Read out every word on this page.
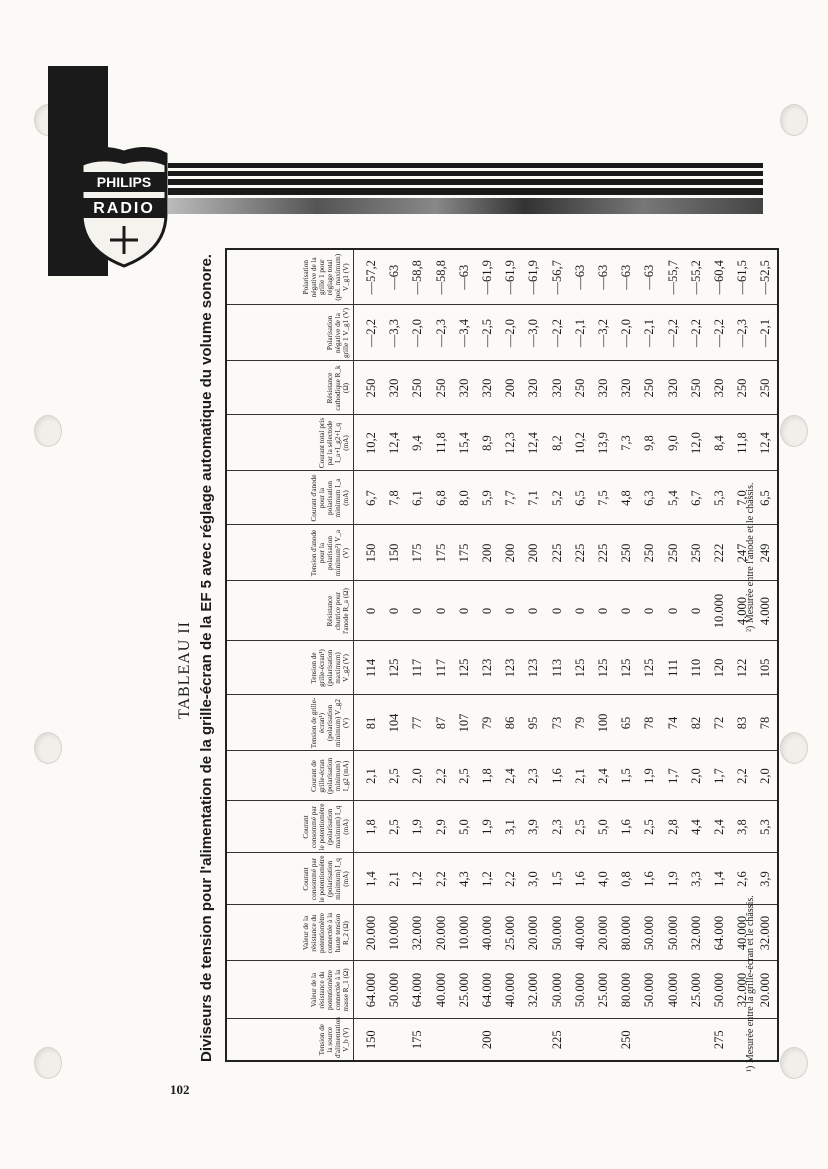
PHILIPS
RADIO
102
TABLEAU II Diviseurs de tension pour l'alimentation de la grille-écran de la EF 5 avec réglage automatique du volume sonore.	Tension de la source d'alimentation V_b (V)	Valeur de la résistance du potentiomètre connectée à la masse R_1 (Ω)	Valeur de la résistance du potentiomètre connectée à la haute tension R_2 (Ω)	Courant consommé par le potentiomètre (polarisation minimum) I_q (mA)	Courant consommé par le potentiomètre (polarisation maximum) I_q (mA)	Courant de grille-écran (polarisation minimum) I_g2 (mA)	Tension de grille-écran¹) (polarisation minimum) V_g2 (V)	Tension de grille-écran¹) (polarisation maximum) V_g2 (V)	Résistance chutrice pour l'anode R_a (Ω)	Tension d'anode pour la polarisation minimum²) V_a (V)	Courant d'anode pour la polarisation minimum I_a (mA)	Courant total pris par la sélectode I_a+I_g2+I_q (mA)	Résistance cathodique R_k (Ω)	Polarisation négative de la grille 1 V_g1 (V)	Polarisation négative de la grille 1 pour réglage total (pol. maximum) V_g1 (V)
150	64.000	20.000	1,4	1,8	2,1	81	114	0	150	6,7	10,2	250	—2,2	—57,2
	50.000	10.000	2,1	2,5	2,5	104	125	0	150	7,8	12,4	320	—3,3	—63
175	64.000	32.000	1,2	1,9	2,0	77	117	0	175	6,1	9,4	250	—2,0	—58,8
	40.000	20.000	2,2	2,9	2,2	87	117	0	175	6,8	11,8	250	—2,3	—58,8
	25.000	10.000	4,3	5,0	2,5	107	125	0	175	8,0	15,4	320	—3,4	—63
200	64.000	40.000	1,2	1,9	1,8	79	123	0	200	5,9	8,9	320	—2,5	—61,9
	40.000	25.000	2,2	3,1	2,4	86	123	0	200	7,7	12,3	200	—2,0	—61,9
	32.000	20.000	3,0	3,9	2,3	95	123	0	200	7,1	12,4	320	—3,0	—61,9
225	50.000	50.000	1,5	2,3	1,6	73	113	0	225	5,2	8,2	320	—2,2	—56,7
	50.000	40.000	1,6	2,5	2,1	79	125	0	225	6,5	10,2	250	—2,1	—63
	25.000	20.000	4,0	5,0	2,4	100	125	0	225	7,5	13,9	320	—3,2	—63
250	80.000	80.000	0,8	1,6	1,5	65	125	0	250	4,8	7,3	320	—2,0	—63
	50.000	50.000	1,6	2,5	1,9	78	125	0	250	6,3	9,8	250	—2,1	—63
	40.000	50.000	1,9	2,8	1,7	74	111	0	250	5,4	9,0	320	—2,2	—55,7
	25.000	32.000	3,3	4,4	2,0	82	110	0	250	6,7	12,0	250	—2,2	—55,2
275	50.000	64.000	1,4	2,4	1,7	72	120	10.000	222	5,3	8,4	320	—2,2	—60,4
	32.000	40.000	2,6	3,8	2,2	83	122	4.000	247	7,0	11,8	250	—2,3	—61,5
	20.000	32.000	3,9	5,3	2,0	78	105	4.000	249	6,5	12,4	250	—2,1	—52,5
¹) Mesurée entre la grille-écran et le châssis.
²) Mesurée entre l'anode et le châssis.
